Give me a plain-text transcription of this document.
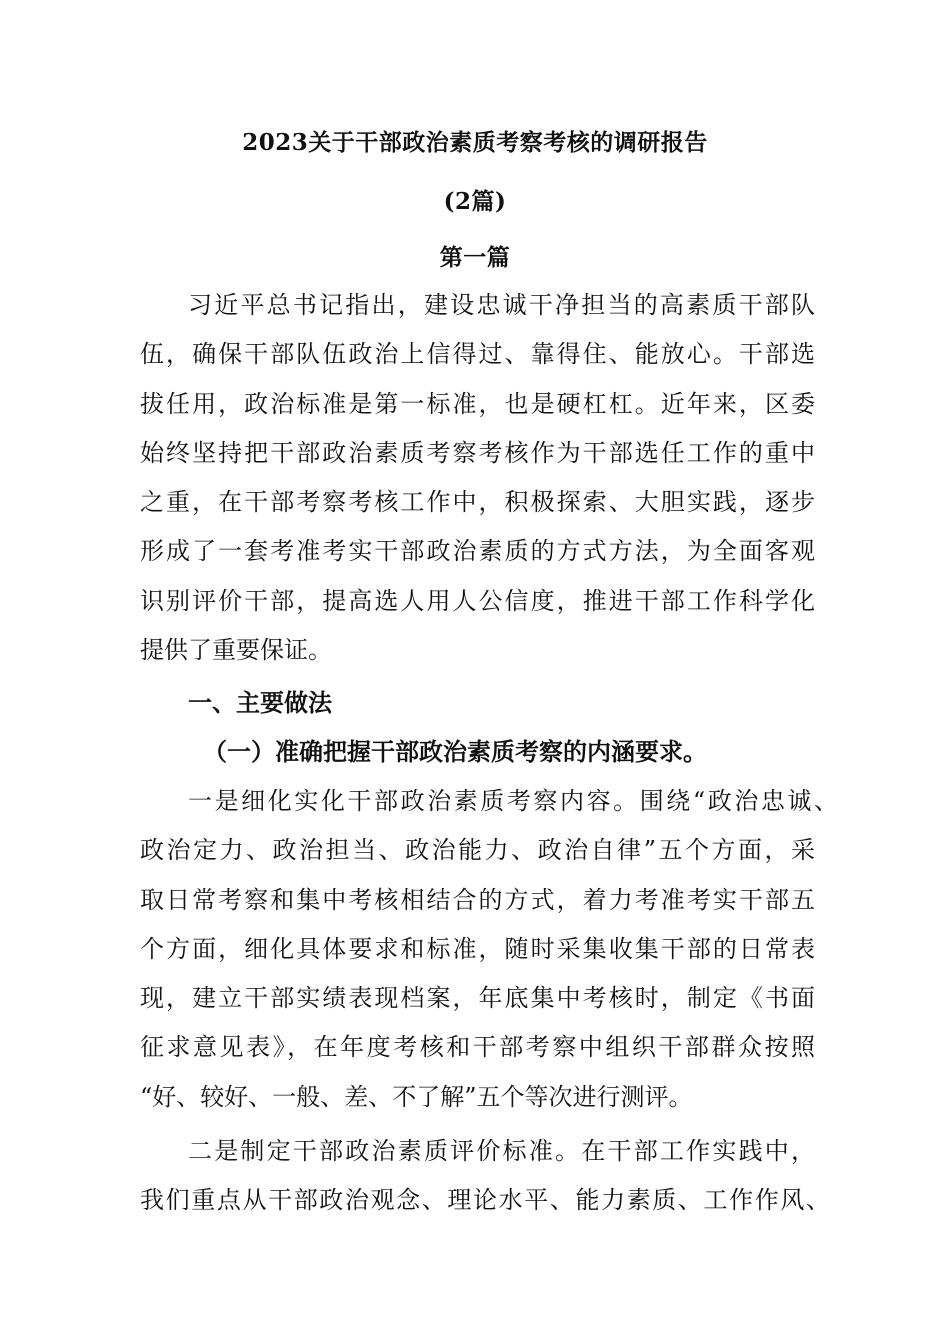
2023关于干部政治素质考察考核的调研报告
(2篇)
第一篇
习近平总书记指出，建设忠诚干净担当的高素质干部队
伍，确保干部队伍政治上信得过、靠得住、能放心。干部选
拔任用，政治标准是第一标准，也是硬杠杠。近年来，区委
始终坚持把干部政治素质考察考核作为干部选任工作的重中
之重，在干部考察考核工作中，积极探索、大胆实践，逐步
形成了一套考准考实干部政治素质的方式方法，为全面客观
识别评价干部，提高选人用人公信度，推进干部工作科学化
提供了重要保证。
一、主要做法
（一）准确把握干部政治素质考察的内涵要求。
一是细化实化干部政治素质考察内容。围绕“政治忠诚、
政治定力、政治担当、政治能力、政治自律”五个方面，采
取日常考察和集中考核相结合的方式，着力考准考实干部五
个方面，细化具体要求和标准，随时采集收集干部的日常表
现，建立干部实绩表现档案，年底集中考核时，制定《书面
征求意见表》，在年度考核和干部考察中组织干部群众按照
“好、较好、一般、差、不了解”五个等次进行测评。
二是制定干部政治素质评价标准。在干部工作实践中，
我们重点从干部政治观念、理论水平、能力素质、工作作风、
